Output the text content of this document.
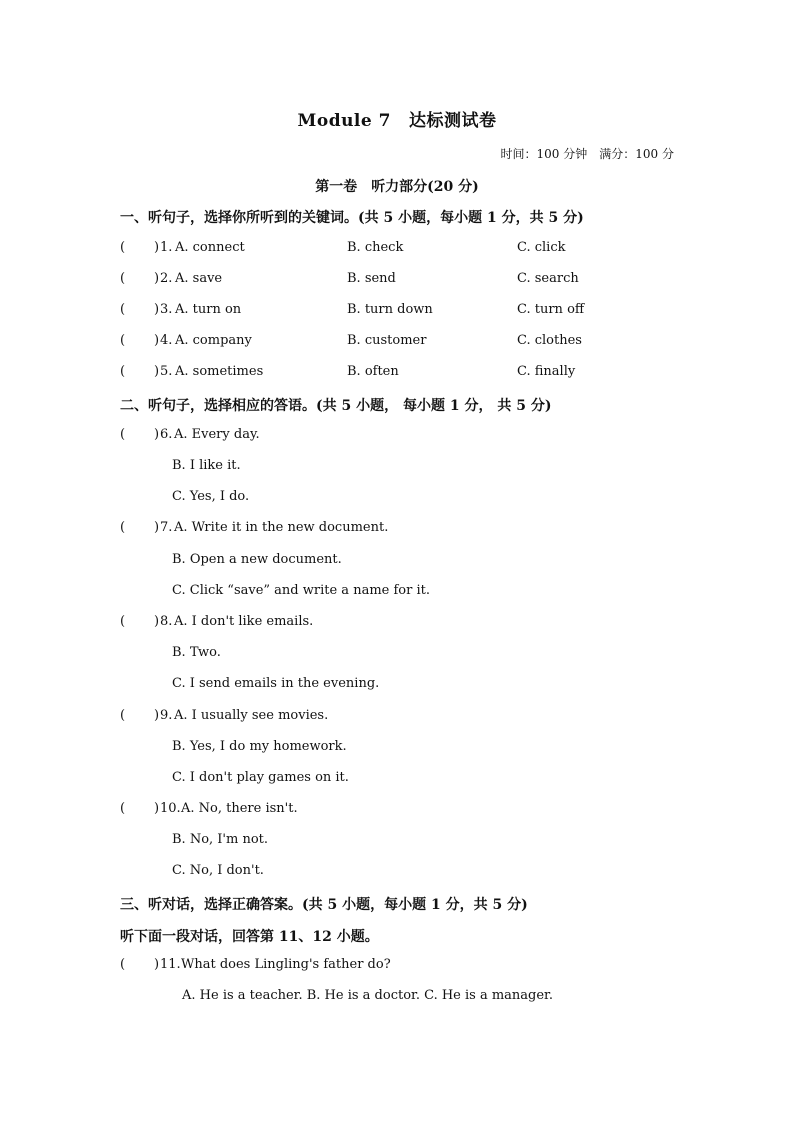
Module 7 达标测试卷
时间：100 分钟 满分：100 分
第一卷 听力部分(20 分)
一、听句子，选择你所听到的关键词。(共 5 小题，每小题 1 分，共 5 分)
( ) 1. A. connect	B. check	C. click
( ) 2. A. save	B. send	C. search
( ) 3. A. turn on	B. turn down	C. turn off
( ) 4. A. company	B. customer	C. clothes
( ) 5. A. sometimes	B. often	C. finally
二、听句子，选择相应的答语。(共 5 小题， 每小题 1 分， 共 5 分)
( ) 6. A. Every day.
B. I like it.
C. Yes, I do.
( ) 7. A. Write it in the new document.
B. Open a new document.
C. Click “save” and write a name for it.
( ) 8. A. I don't like emails.
B. Two.
C. I send emails in the evening.
( ) 9. A. I usually see movies.
B. Yes, I do my homework.
C. I don't play games on it.
( ) 10. A. No, there isn't.
B. No, I'm not.
C. No, I don't.
三、听对话，选择正确答案。(共 5 小题，每小题 1 分，共 5 分)
听下面一段对话，回答第 11、12 小题。
( ) 11. What does Lingling's father do?
A. He is a teacher. B. He is a doctor. C. He is a manager.
